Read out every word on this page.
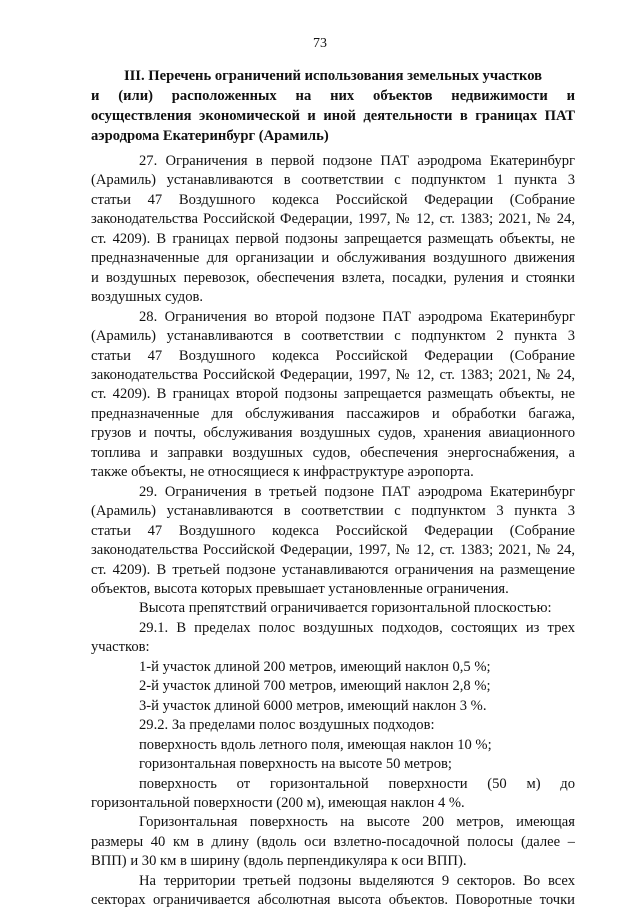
73
III. Перечень ограничений использования земельных участков
и (или) расположенных на них объектов недвижимости и
осуществления экономической и иной деятельности в границах ПАТ
аэродрома Екатеринбург (Арамиль)
27. Ограничения в первой подзоне ПАТ аэродрома Екатеринбург
(Арамиль) устанавливаются в соответствии с подпунктом 1 пункта 3
статьи 47 Воздушного кодекса Российской Федерации (Собрание
законодательства Российской Федерации, 1997, № 12, ст. 1383; 2021, № 24,
ст. 4209). В границах первой подзоны запрещается размещать объекты, не
предназначенные для организации и обслуживания воздушного движения
и воздушных перевозок, обеспечения взлета, посадки, руления и стоянки
воздушных судов.
28. Ограничения во второй подзоне ПАТ аэродрома Екатеринбург
(Арамиль) устанавливаются в соответствии с подпунктом 2 пункта 3
статьи 47 Воздушного кодекса Российской Федерации (Собрание
законодательства Российской Федерации, 1997, № 12, ст. 1383; 2021, № 24,
ст. 4209). В границах второй подзоны запрещается размещать объекты, не
предназначенные для обслуживания пассажиров и обработки багажа,
грузов и почты, обслуживания воздушных судов, хранения авиационного
топлива и заправки воздушных судов, обеспечения энергоснабжения, а
также объекты, не относящиеся к инфраструктуре аэропорта.
29. Ограничения в третьей подзоне ПАТ аэродрома Екатеринбург
(Арамиль) устанавливаются в соответствии с подпунктом 3 пункта 3
статьи 47 Воздушного кодекса Российской Федерации (Собрание
законодательства Российской Федерации, 1997, № 12, ст. 1383; 2021, № 24,
ст. 4209). В третьей подзоне устанавливаются ограничения на размещение
объектов, высота которых превышает установленные ограничения.
Высота препятствий ограничивается горизонтальной плоскостью:
29.1. В пределах полос воздушных подходов, состоящих из трех
участков:
1-й участок длиной 200 метров, имеющий наклон 0,5 %;
2-й участок длиной 700 метров, имеющий наклон 2,8 %;
3-й участок длиной 6000 метров, имеющий наклон 3 %.
29.2. За пределами полос воздушных подходов:
поверхность вдоль летного поля, имеющая наклон 10 %;
горизонтальная поверхность на высоте 50 метров;
поверхность от горизонтальной поверхности (50 м) до
горизонтальной поверхности (200 м), имеющая наклон 4 %.
Горизонтальная поверхность на высоте 200 метров, имеющая
размеры 40 км в длину (вдоль оси взлетно-посадочной полосы (далее –
ВПП) и 30 км в ширину (вдоль перпендикуляра к оси ВПП).
На территории третьей подзоны выделяются 9 секторов. Во всех
секторах ограничивается абсолютная высота объектов. Поворотные точки
